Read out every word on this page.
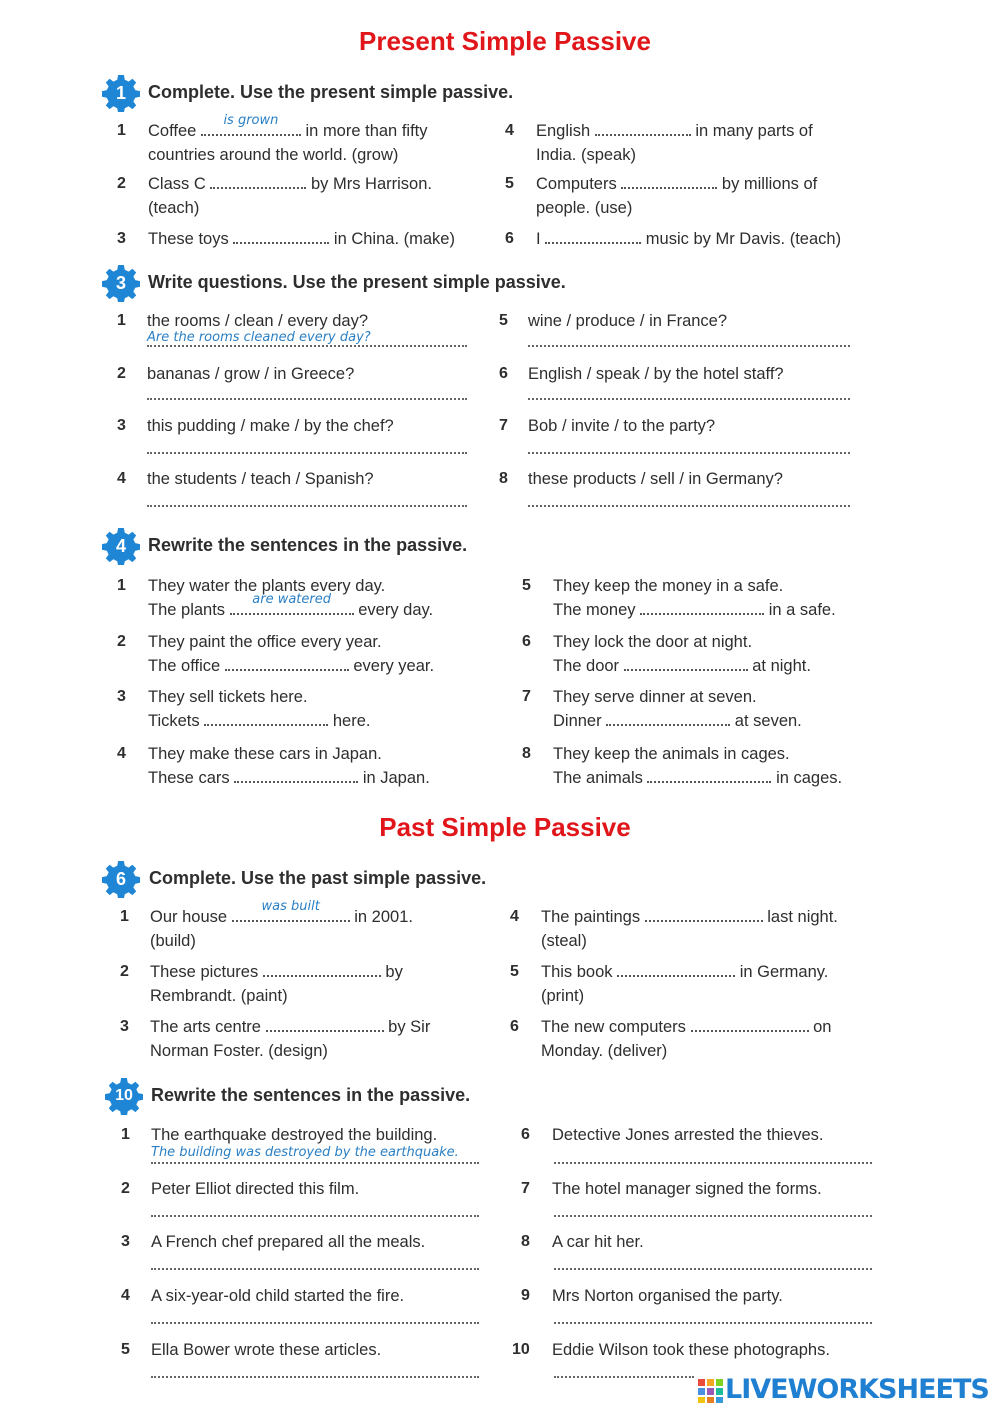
Present Simple Passive
1	Complete. Use the present simple passive.
1 Coffee
is grown
in more than fifty
countries around the world. (grow)
2 Class C	by Mrs Harrison.
(teach)
3 These toys	in China. (make)
4 English	in many parts of
India. (speak)
5 Computers	by millions of
people. (use)
6 I	music by Mr Davis. (teach)
3	Write questions. Use the present simple passive.
1 the rooms / clean / every day?
Are the rooms cleaned every day?
2 bananas / grow / in Greece?
3 this pudding / make / by the chef?
4 the students / teach / Spanish?
5 wine / produce / in France?
6 English / speak / by the hotel staff?
7 Bob / invite / to the party?
8 these products / sell / in Germany?
4	Rewrite the sentences in the passive.
1 They water the plants every day.
The plants
are watered
every day.
2 They paint the office every year.
The office	every year.
3 They sell tickets here.
Tickets	here.
4 They make these cars in Japan.
These cars	in Japan.
5 They keep the money in a safe.
The money	in a safe.
6 They lock the door at night.
The door	at night.
7 They serve dinner at seven.
Dinner	at seven.
8 They keep the animals in cages.
The animals	in cages.
Past Simple Passive
6	Complete. Use the past simple passive.
1 Our house
was built
in 2001.
(build)
2 These pictures	by
Rembrandt. (paint)
3 The arts centre	by Sir
Norman Foster. (design)
4 The paintings	last night.
(steal)
5 This book	in Germany.
(print)
6 The new computers	on
Monday. (deliver)
10	Rewrite the sentences in the passive.
1 The earthquake destroyed the building.
The building was destroyed by the earthquake.
2 Peter Elliot directed this film.
3 A French chef prepared all the meals.
4 A six-year-old child started the fire.
5 Ella Bower wrote these articles.
6 Detective Jones arrested the thieves.
7 The hotel manager signed the forms.
8 A car hit her.
9 Mrs Norton organised the party.
10 Eddie Wilson took these photographs.
LIVEWORKSHEETS
